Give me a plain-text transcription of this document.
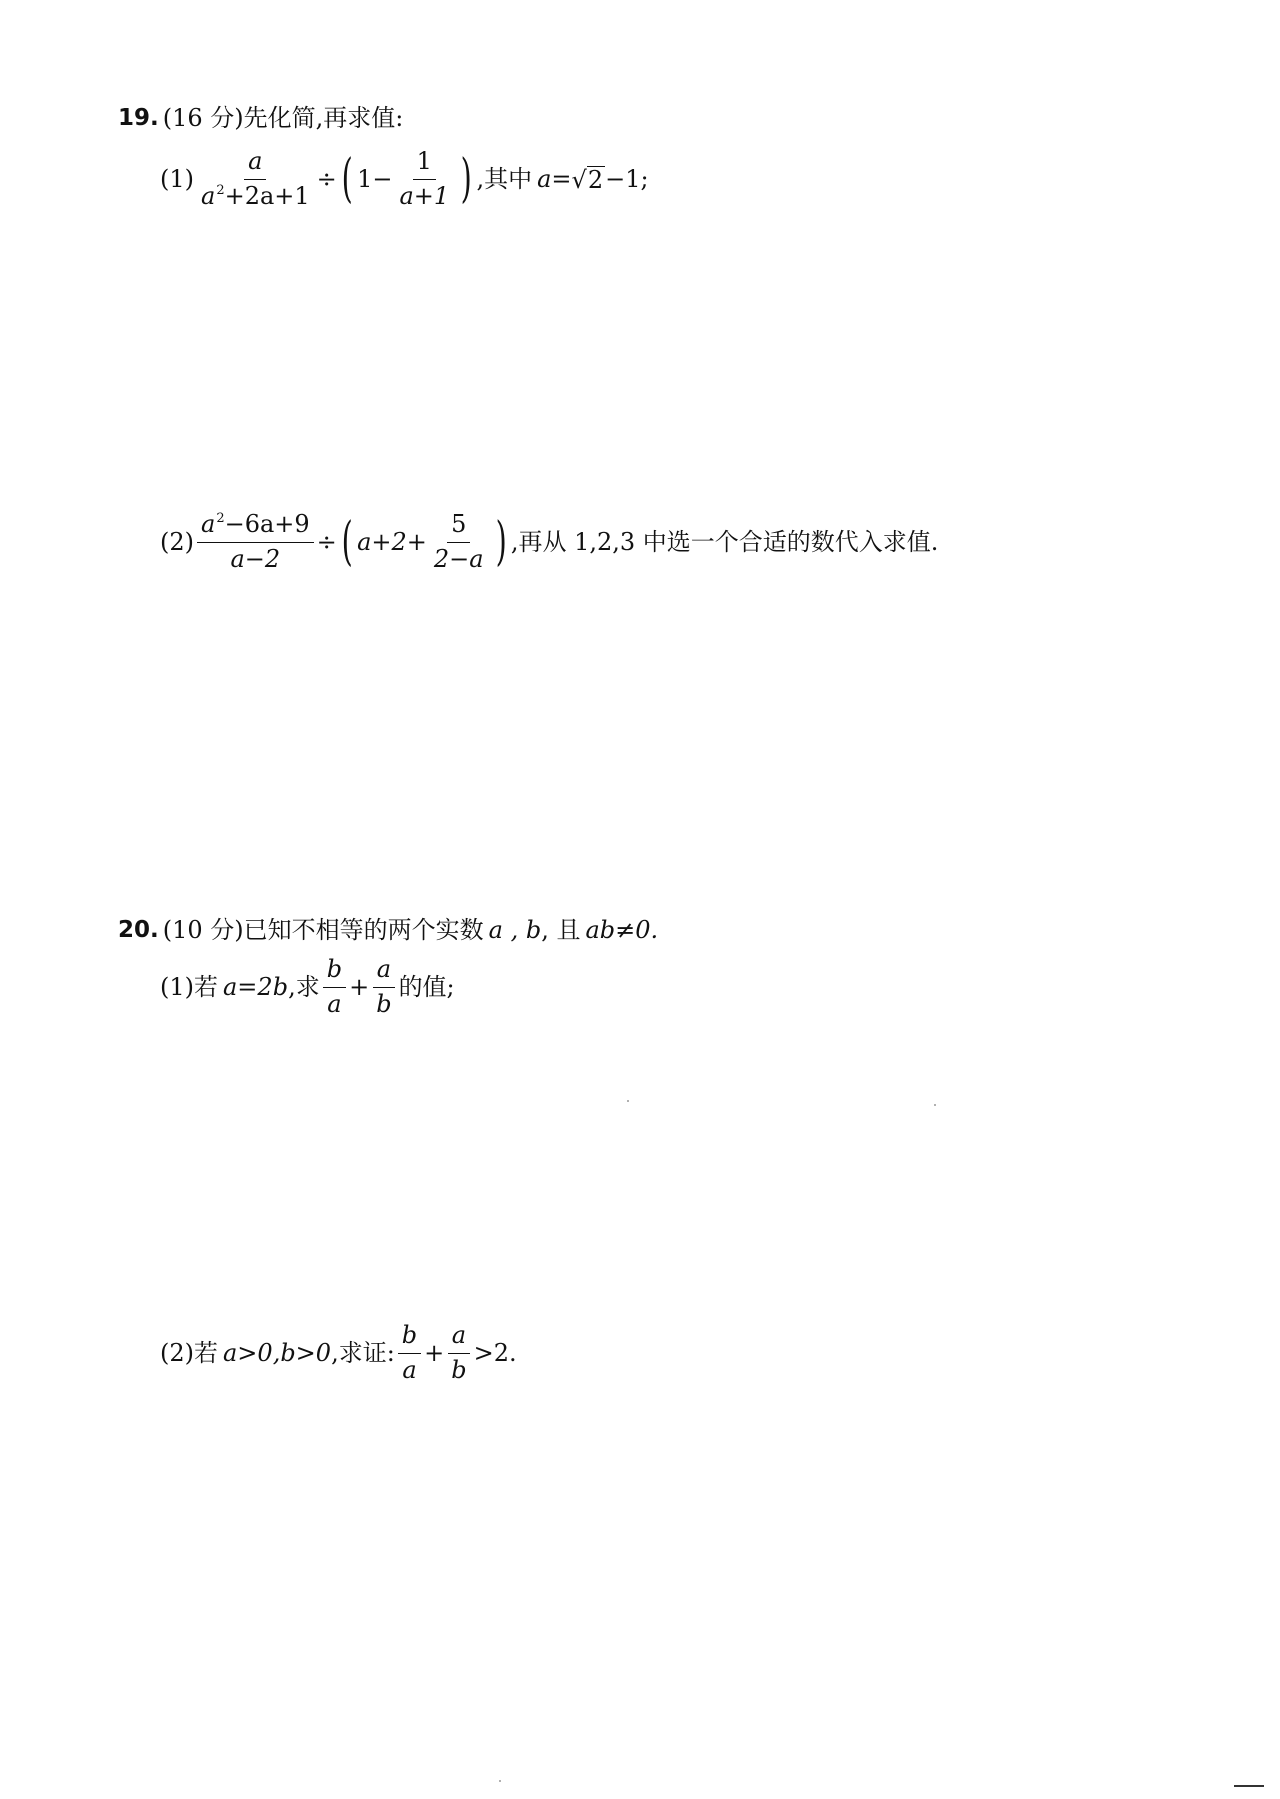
19. (16 分)先化简,再求值:
$(1) \frac{a}{a^2+2a+1}$ ÷ ( $1- \frac{1}{a+1}$ ) ,其中 a = √ 2 −1;
$(2) \frac{a^2-6a+9}{a-2}$ ÷ ( $a+2+ \frac{5}{2-a}$ ) ,再从 1,2,3 中选一个合适的数代入求值.
20. (10 分)已知不相等的两个实数 a , b , 且 ab≠0.
(1)若 a=2b ,求 $\frac{b}{a} + \frac{a}{b}$ 的值;
(2)若 a>0,b>0 ,求证: $\frac{b}{a} + \frac{a}{b} >2$.
